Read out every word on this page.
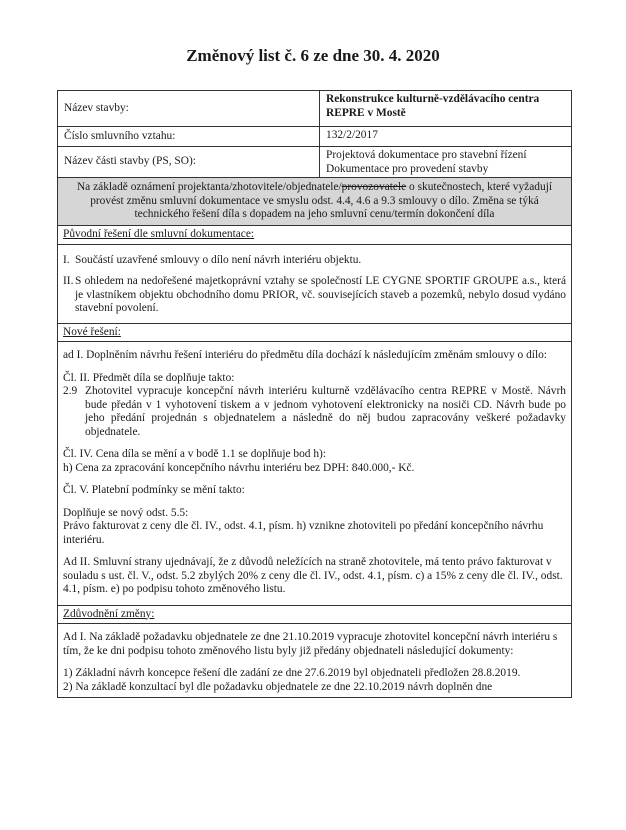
Změnový list č. 6 ze dne 30. 4. 2020
Název stavby:
Rekonstrukce kulturně-vzdělávacího centra REPRE v Mostě
Číslo smluvního vztahu:	132/2/2017
Název části stavby (PS, SO):
Projektová dokumentace pro stavební řízení
Dokumentace pro provedení stavby
Na základě oznámení projektanta/zhotovitele/objednatele/provozovatele o skutečnostech, které vyžadují provést změnu smluvní dokumentace ve smyslu odst. 4.4, 4.6 a 9.3 smlouvy o dílo. Změna se týká technického řešení díla s dopadem na jeho smluvní cenu/termín dokončení díla
Původní řešení dle smluvní dokumentace:
I. Součástí uzavřené smlouvy o dílo není návrh interiéru objektu.
II. S ohledem na nedořešené majetkoprávní vztahy se společností LE CYGNE SPORTIF GROUPE a.s., která je vlastníkem objektu obchodního domu PRIOR, vč. souvisejících staveb a pozemků, nebylo dosud vydáno stavební povolení.
Nové řešení:

ad I. Doplněním návrhu řešení interiéru do předmětu díla dochází k následujícím změnám smlouvy o dílo:

Čl. II. Předmět díla se doplňuje takto:

2.9 Zhotovitel vypracuje koncepční návrh interiéru kulturně vzdělávacího centra REPRE v Mostě. Návrh bude předán v 1 vyhotovení tiskem a v jednom vyhotovení elektronicky na nosiči CD. Návrh bude po jeho předání projednán s objednatelem a následně do něj budou zapracovány veškeré požadavky objednatele.

Čl. IV. Cena díla se mění a v bodě 1.1 se doplňuje bod h):

h) Cena za zpracování koncepčního návrhu interiéru bez DPH: 840.000,- Kč.

Čl. V. Platební podmínky se mění takto:

Doplňuje se nový odst. 5.5:

Právo fakturovat z ceny dle čl. IV., odst. 4.1, písm. h) vznikne zhotoviteli po předání koncepčního návrhu interiéru.

Ad II. Smluvní strany ujednávají, že z důvodů neležících na straně zhotovitele, má tento právo fakturovat v souladu s ust. čl. V., odst. 5.2 zbylých 20% z ceny dle čl. IV., odst. 4.1, písm. c) a 15% z ceny dle čl. IV., odst. 4.1, písm. e) po podpisu tohoto změnového listu.

Zdůvodnění změny:

Ad I. Na základě požadavku objednatele ze dne 21.10.2019 vypracuje zhotovitel koncepční návrh interiéru s tím, že ke dni podpisu tohoto změnového listu byly již předány objednateli následující dokumenty:

1) Základní návrh koncepce řešení dle zadání ze dne 27.6.2019 byl objednateli předložen 28.8.2019.

2) Na základě konzultací byl dle požadavku objednatele ze dne 22.10.2019 návrh doplněn dne
